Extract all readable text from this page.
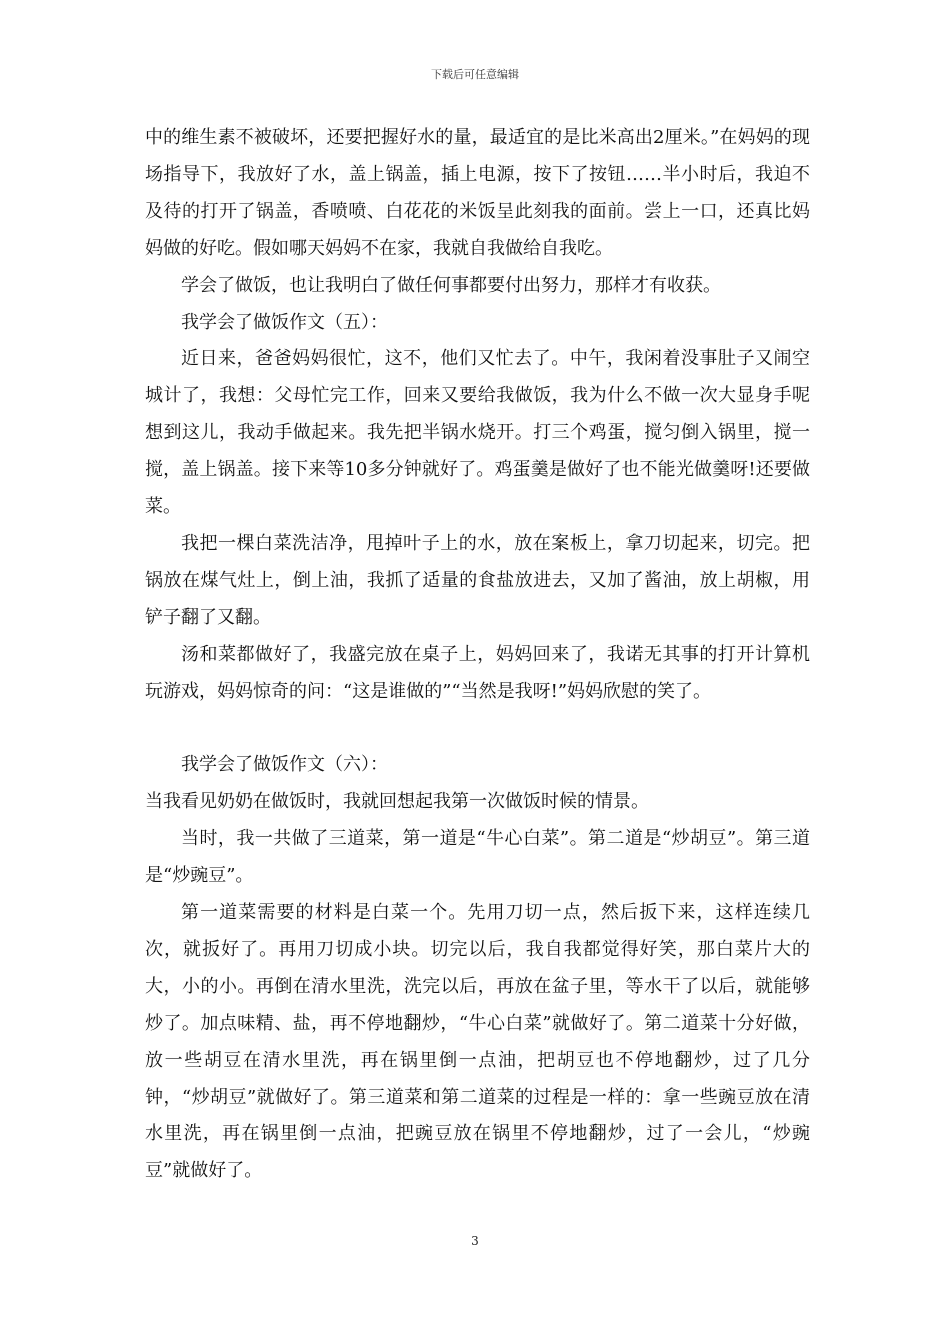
下载后可任意编辑

中的维生素不被破坏，还要把握好水的量，最适宜的是比米高出2厘米。”在妈妈的现场指导下，我放好了水，盖上锅盖，插上电源，按下了按钮……半小时后，我迫不及待的打开了锅盖，香喷喷、白花花的米饭呈此刻我的面前。尝上一口，还真比妈妈做的好吃。假如哪天妈妈不在家，我就自我做给自我吃。

学会了做饭，也让我明白了做任何事都要付出努力，那样才有收获。

我学会了做饭作文（五）：

近日来，爸爸妈妈很忙，这不，他们又忙去了。中午，我闲着没事肚子又闹空城计了，我想：父母忙完工作，回来又要给我做饭，我为什么不做一次大显身手呢想到这儿，我动手做起来。我先把半锅水烧开。打三个鸡蛋，搅匀倒入锅里，搅一搅，盖上锅盖。接下来等10多分钟就好了。鸡蛋羹是做好了也不能光做羹呀!还要做菜。

我把一棵白菜洗洁净，甩掉叶子上的水，放在案板上，拿刀切起来，切完。把锅放在煤气灶上，倒上油，我抓了适量的食盐放进去，又加了酱油，放上胡椒，用铲子翻了又翻。

汤和菜都做好了，我盛完放在桌子上，妈妈回来了，我诺无其事的打开计算机玩游戏，妈妈惊奇的问：“这是谁做的”“当然是我呀!”妈妈欣慰的笑了。

我学会了做饭作文（六）：

当我看见奶奶在做饭时，我就回想起我第一次做饭时候的情景。

当时，我一共做了三道菜，第一道是“牛心白菜”。第二道是“炒胡豆”。第三道是“炒豌豆”。

第一道菜需要的材料是白菜一个。先用刀切一点，然后扳下来，这样连续几次，就扳好了。再用刀切成小块。切完以后，我自我都觉得好笑，那白菜片大的大，小的小。再倒在清水里洗，洗完以后，再放在盆子里，等水干了以后，就能够炒了。加点味精、盐，再不停地翻炒，“牛心白菜”就做好了。第二道菜十分好做，放一些胡豆在清水里洗，再在锅里倒一点油，把胡豆也不停地翻炒，过了几分钟，“炒胡豆”就做好了。第三道菜和第二道菜的过程是一样的：拿一些豌豆放在清水里洗，再在锅里倒一点油，把豌豆放在锅里不停地翻炒，过了一会儿，“炒豌豆”就做好了。

3
